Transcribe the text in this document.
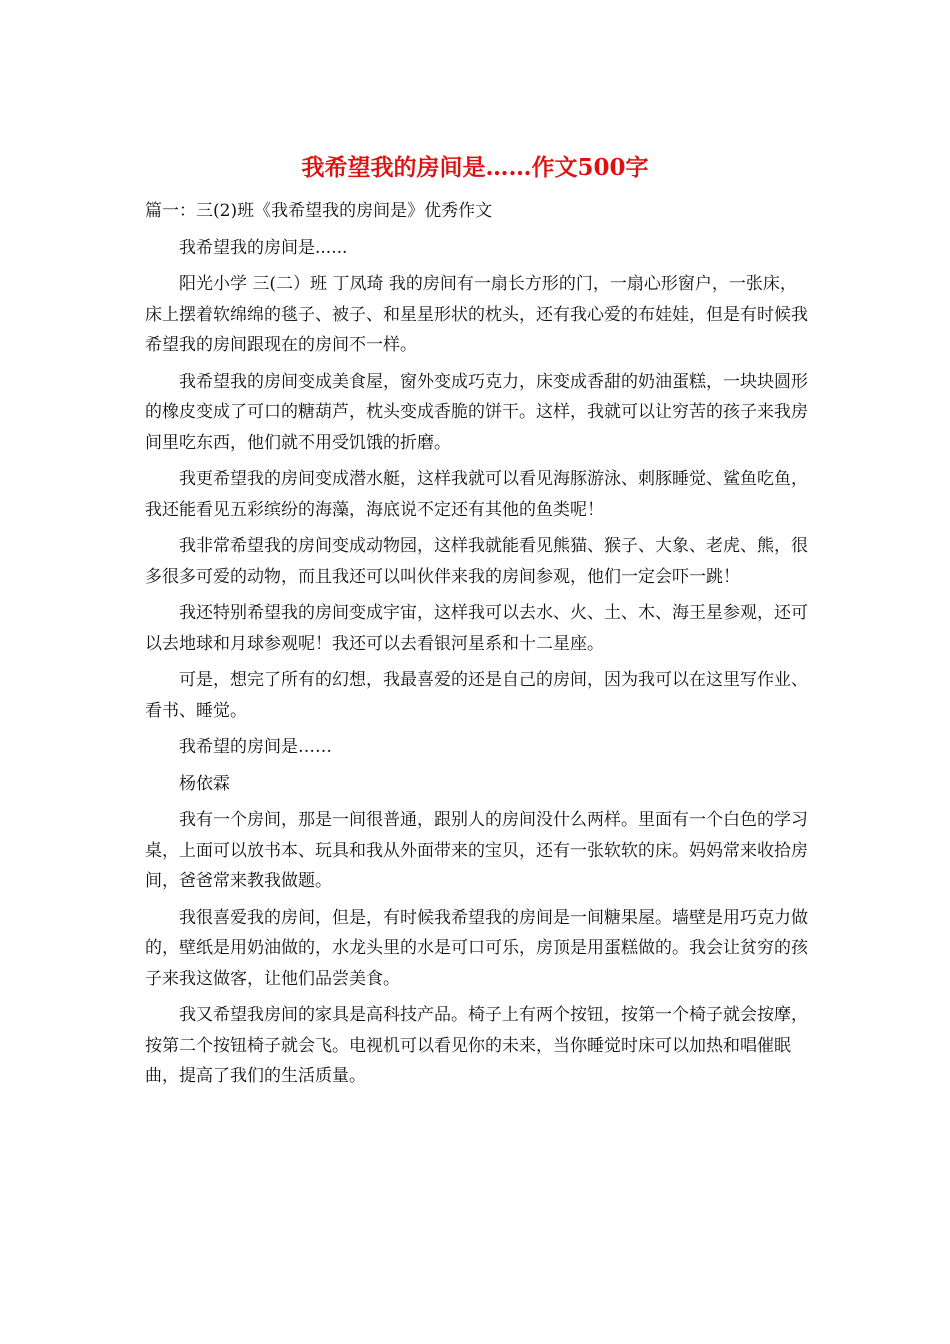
我希望我的房间是……作文500字

篇一：三(2)班《我希望我的房间是》优秀作文

我希望我的房间是......

阳光小学 三(二）班 丁凤琦 我的房间有一扇长方形的门，一扇心形窗户，一张床，床上摆着软绵绵的毯子、被子、和星星形状的枕头，还有我心爱的布娃娃，但是有时候我希望我的房间跟现在的房间不一样。

我希望我的房间变成美食屋，窗外变成巧克力，床变成香甜的奶油蛋糕，一块块圆形的橡皮变成了可口的糖葫芦，枕头变成香脆的饼干。这样，我就可以让穷苦的孩子来我房间里吃东西，他们就不用受饥饿的折磨。

我更希望我的房间变成潜水艇，这样我就可以看见海豚游泳、刺豚睡觉、鲨鱼吃鱼，我还能看见五彩缤纷的海藻，海底说不定还有其他的鱼类呢！

我非常希望我的房间变成动物园，这样我就能看见熊猫、猴子、大象、老虎、熊，很多很多可爱的动物，而且我还可以叫伙伴来我的房间参观，他们一定会吓一跳！

我还特别希望我的房间变成宇宙，这样我可以去水、火、土、木、海王星参观，还可以去地球和月球参观呢！我还可以去看银河星系和十二星座。

可是，想完了所有的幻想，我最喜爱的还是自己的房间，因为我可以在这里写作业、看书、睡觉。

我希望的房间是……

杨依霖

我有一个房间，那是一间很普通，跟别人的房间没什么两样。里面有一个白色的学习桌，上面可以放书本、玩具和我从外面带来的宝贝，还有一张软软的床。妈妈常来收拾房间，爸爸常来教我做题。

我很喜爱我的房间，但是，有时候我希望我的房间是一间糖果屋。墙壁是用巧克力做的，壁纸是用奶油做的，水龙头里的水是可口可乐，房顶是用蛋糕做的。我会让贫穷的孩子来我这做客，让他们品尝美食。

我又希望我房间的家具是高科技产品。椅子上有两个按钮，按第一个椅子就会按摩，按第二个按钮椅子就会飞。电视机可以看见你的未来，当你睡觉时床可以加热和唱催眠曲，提高了我们的生活质量。
